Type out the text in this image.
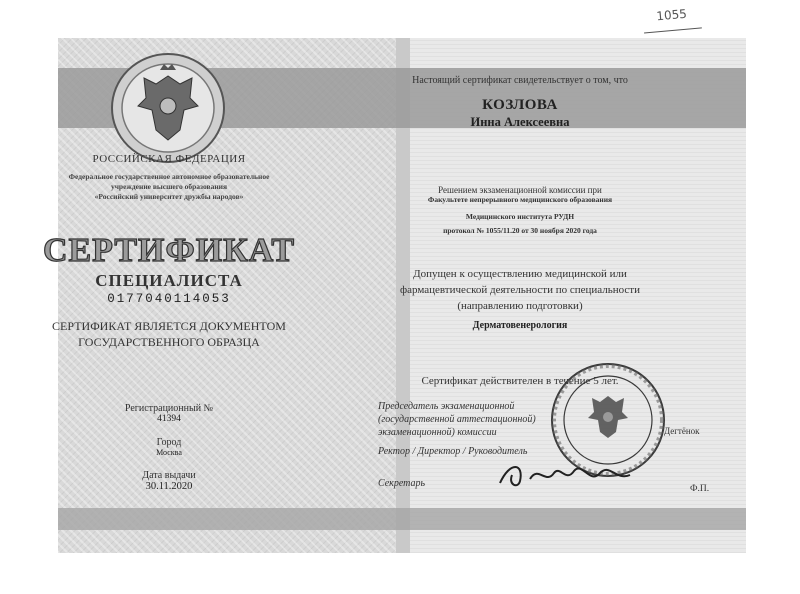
РОССИЙСКАЯ ФЕДЕРАЦИЯ
Федеральное государственное автономное образовательное
учреждение высшего образования
«Российский университет дружбы народов»
СЕРТИФИКАТ
СПЕЦИАЛИСТА
0177040114053
СЕРТИФИКАТ ЯВЛЯЕТСЯ ДОКУМЕНТОМ
ГОСУДАРСТВЕННОГО ОБРАЗЦА
Регистрационный №
41394
Город
Москва
Дата выдачи
30.11.2020
1055
Настоящий сертификат свидетельствует о том, что
КОЗЛОВА
Инна Алексеевна
Решением экзаменационной комиссии при
Факультете непрерывного медицинского образования
Медицинского института РУДН
протокол № 1055/11.20 от 30 ноября 2020 года
Допущен к осуществлению медицинской или
фармацевтической деятельности по специальности
(направлению подготовки)
Дерматовенерология
Сертификат действителен в течение 5 лет.
Председатель экзаменационной
(государственной аттестационной)
экзаменационной) комиссии
Ректор / Директор / Руководитель
Секретарь
Дегтёнок
Ф.П.
